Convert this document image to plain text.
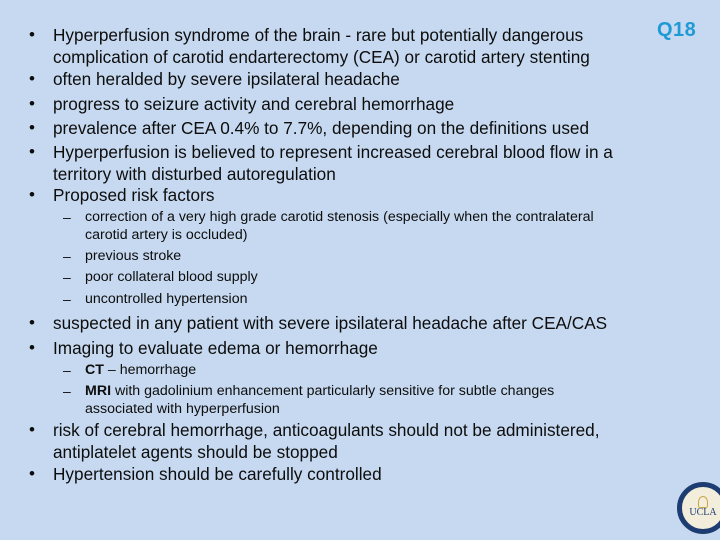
Q18
• Hyperperfusion syndrome of the brain - rare but potentially dangerous complication of carotid endarterectomy (CEA) or carotid artery stenting
• often heralded by severe ipsilateral headache
• progress to seizure activity and cerebral hemorrhage
• prevalence after CEA 0.4% to 7.7%, depending on the definitions used
• Hyperperfusion is believed to represent increased cerebral blood flow in a territory with disturbed autoregulation
• Proposed risk factors
– correction of a very high grade carotid stenosis (especially when the contralateral carotid artery is occluded)
– previous stroke
– poor collateral blood supply
– uncontrolled hypertension
• suspected in any patient with severe ipsilateral headache after CEA/CAS
• Imaging to evaluate edema or hemorrhage
– CT – hemorrhage
– MRI with gadolinium enhancement particularly sensitive for subtle changes associated with hyperperfusion
• risk of cerebral hemorrhage, anticoagulants should not be administered, antiplatelet agents should be stopped
• Hypertension should be carefully controlled
UCLA
